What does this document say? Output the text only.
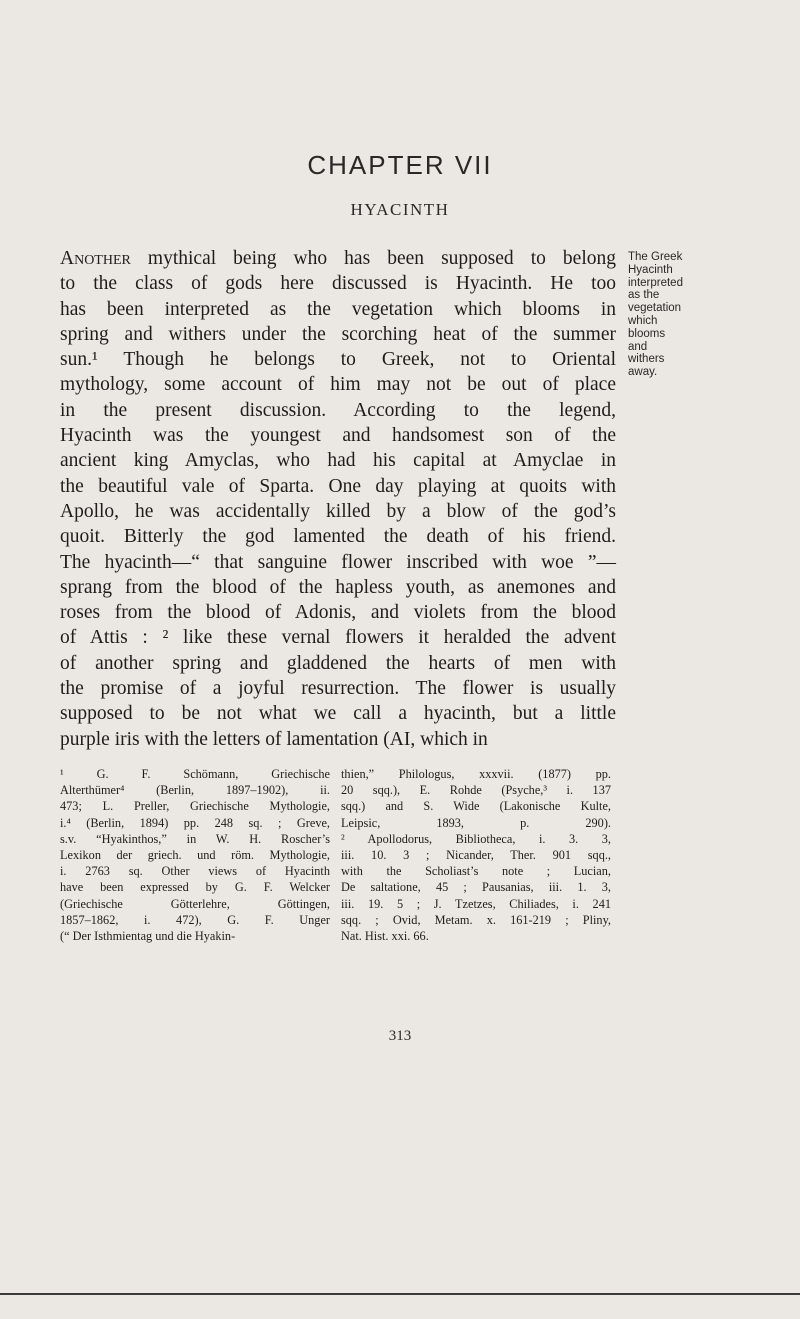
CHAPTER VII
HYACINTH
Another mythical being who has been supposed to belong
to the class of gods here discussed is Hyacinth. He too
has been interpreted as the vegetation which blooms in
spring and withers under the scorching heat of the summer
sun.¹ Though he belongs to Greek, not to Oriental
mythology, some account of him may not be out of place
in the present discussion. According to the legend,
Hyacinth was the youngest and handsomest son of the
ancient king Amyclas, who had his capital at Amyclae in
the beautiful vale of Sparta. One day playing at quoits with
Apollo, he was accidentally killed by a blow of the god’s
quoit. Bitterly the god lamented the death of his friend.
The hyacinth—“ that sanguine flower inscribed with woe ”—
sprang from the blood of the hapless youth, as anemones and
roses from the blood of Adonis, and violets from the blood
of Attis : ² like these vernal flowers it heralded the advent
of another spring and gladdened the hearts of men with
the promise of a joyful resurrection. The flower is usually
supposed to be not what we call a hyacinth, but a little
purple iris with the letters of lamentation (AI, which in
The Greek
Hyacinth
interpreted
as the
vegetation
which
blooms
and
withers
away.
¹ G. F. Schömann, Griechische
Alterthümer⁴ (Berlin, 1897–1902), ii.
473; L. Preller, Griechische Mythologie,
i.⁴ (Berlin, 1894) pp. 248 sq. ; Greve,
s.v. “Hyakinthos,” in W. H. Roscher’s
Lexikon der griech. und röm. Mythologie,
i. 2763 sq. Other views of Hyacinth
have been expressed by G. F. Welcker
(Griechische Götterlehre, Göttingen,
1857–1862, i. 472), G. F. Unger
(“ Der Isthmientag und die Hyakin-
thien,” Philologus, xxxvii. (1877) pp.
20 sqq.), E. Rohde (Psyche,³ i. 137
sqq.) and S. Wide (Lakonische Kulte,
Leipsic, 1893, p. 290).
² Apollodorus, Bibliotheca, i. 3. 3,
iii. 10. 3 ; Nicander, Ther. 901 sqq.,
with the Scholiast’s note ; Lucian,
De saltatione, 45 ; Pausanias, iii. 1. 3,
iii. 19. 5 ; J. Tzetzes, Chiliades, i. 241
sqq. ; Ovid, Metam. x. 161-219 ; Pliny,
Nat. Hist. xxi. 66.
313
